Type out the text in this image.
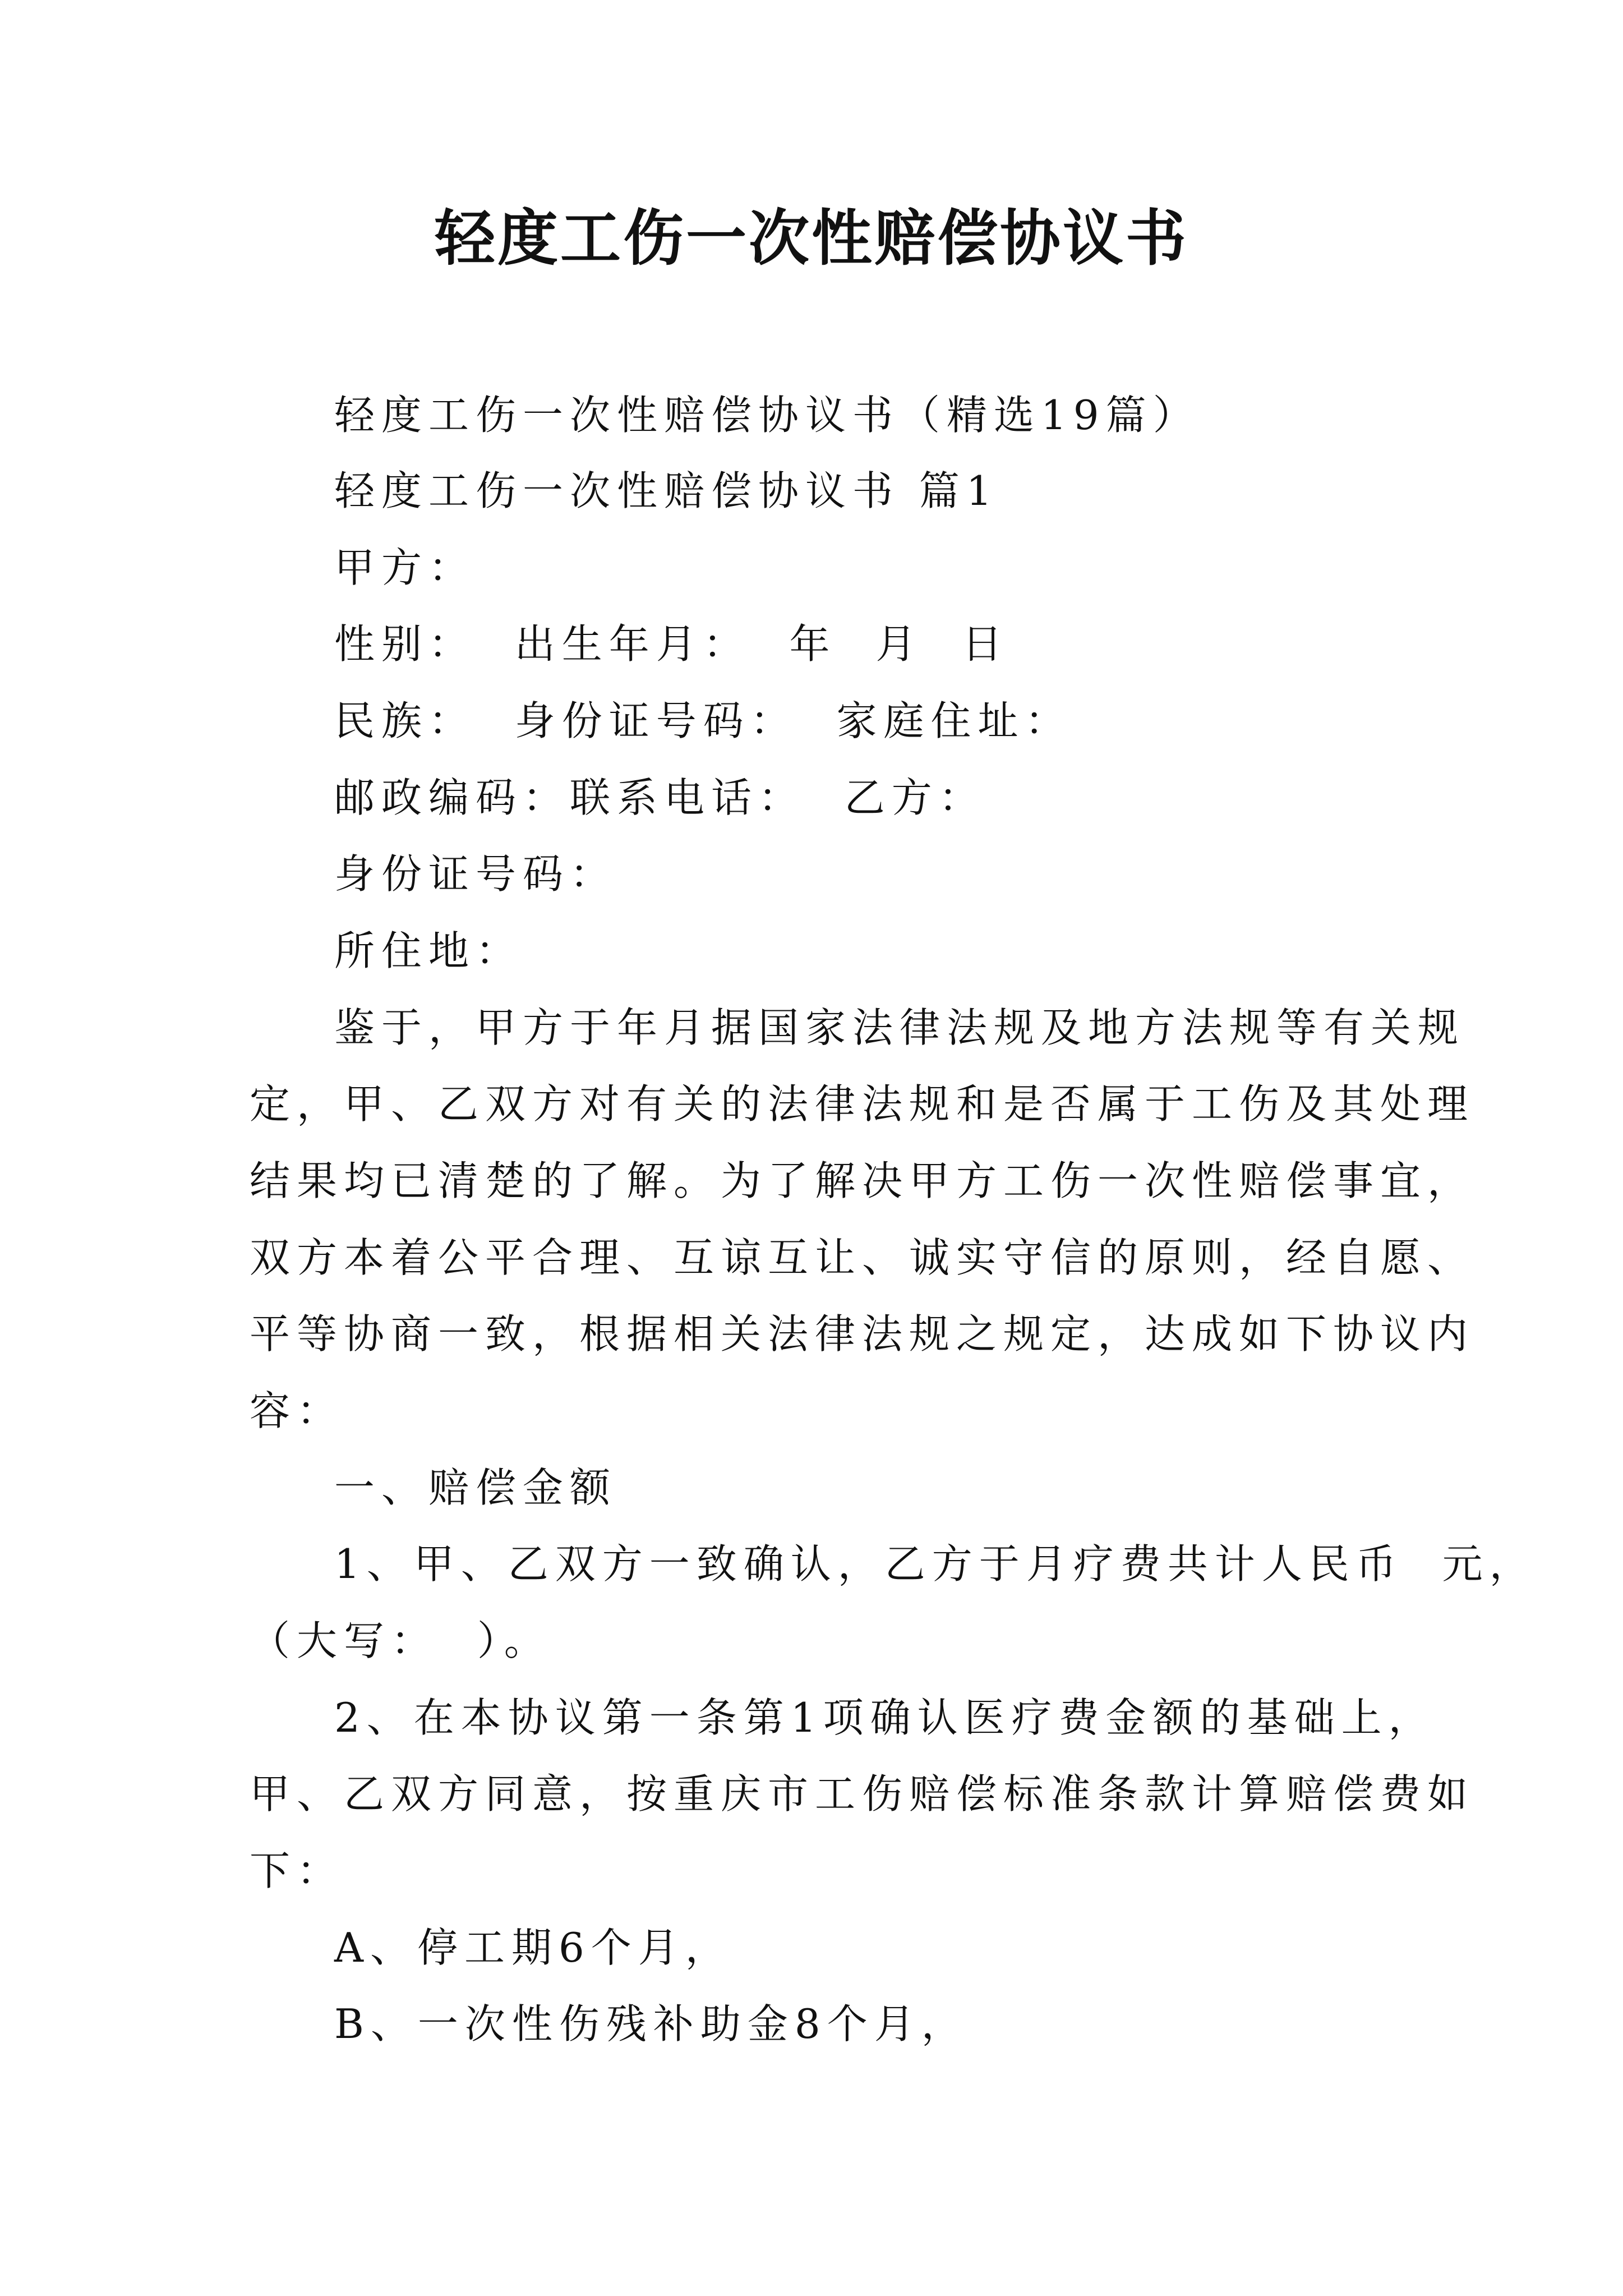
轻度工伤一次性赔偿协议书

轻度工伤一次性赔偿协议书（精选19篇）

轻度工伤一次性赔偿协议书 篇1

甲方：

性别：  出生年月：  年  月  日

民族：  身份证号码：  家庭住址：

邮政编码：联系电话：  乙方：

身份证号码：

所住地：

鉴于，甲方于年月据国家法律法规及地方法规等有关规

定，甲、乙双方对有关的法律法规和是否属于工伤及其处理

结果均已清楚的了解。为了解决甲方工伤一次性赔偿事宜，

双方本着公平合理、互谅互让、诚实守信的原则，经自愿、

平等协商一致，根据相关法律法规之规定，达成如下协议内

容：

一、赔偿金额

1、甲、乙双方一致确认，乙方于月疗费共计人民币  元，

（大写：  ）。

2、在本协议第一条第1项确认医疗费金额的基础上，

甲、乙双方同意，按重庆市工伤赔偿标准条款计算赔偿费如

下：

A、停工期6个月，

B、一次性伤残补助金8个月，
